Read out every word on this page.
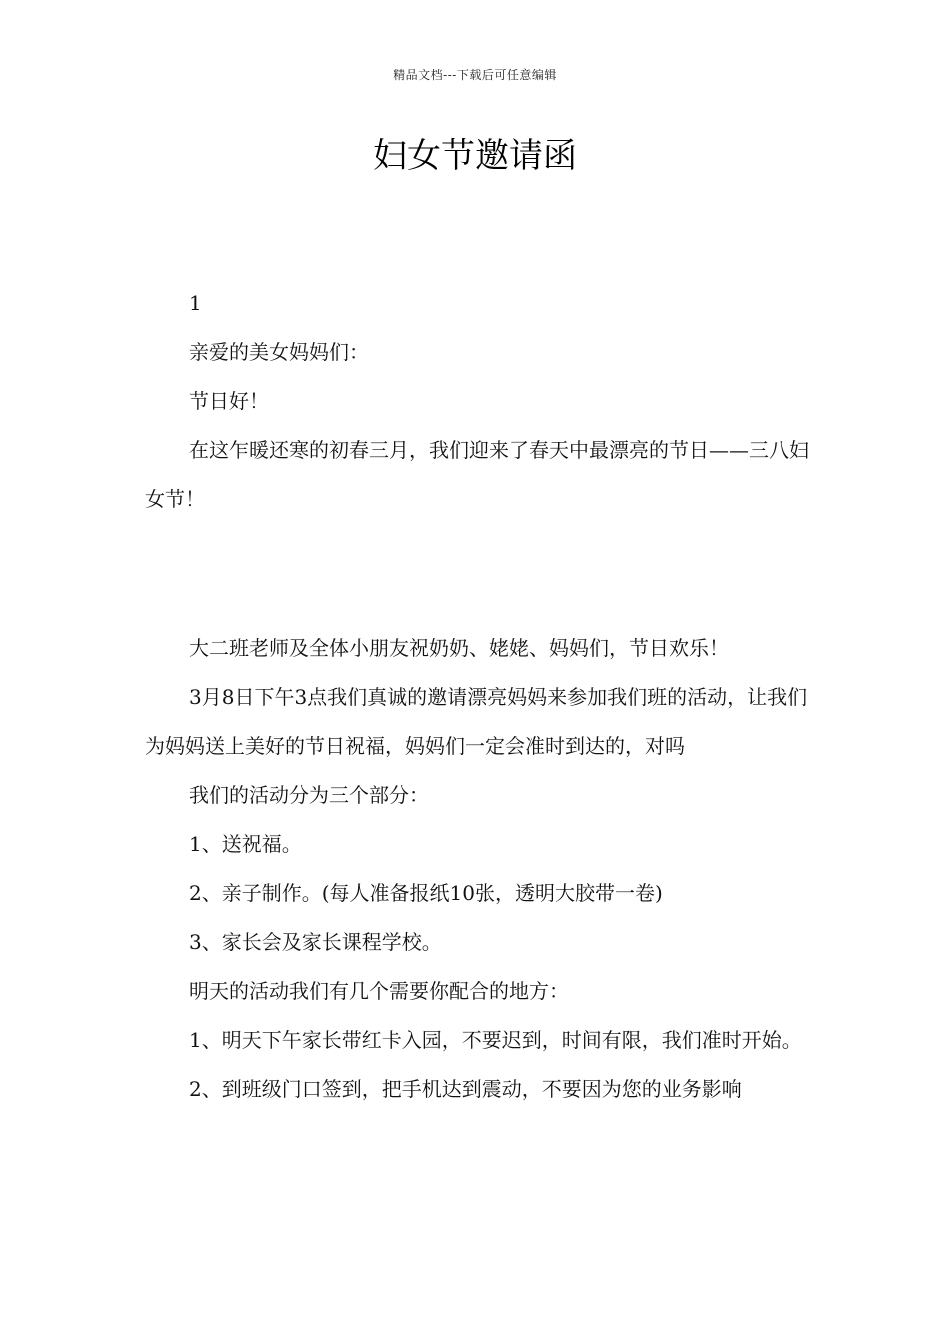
精品文档---下载后可任意编辑
妇女节邀请函

1

亲爱的美女妈妈们：

节日好！

在这乍暖还寒的初春三月，我们迎来了春天中最漂亮的节日——三八妇女节！

大二班老师及全体小朋友祝奶奶、姥姥、妈妈们，节日欢乐！

3月8日下午3点我们真诚的邀请漂亮妈妈来参加我们班的活动，让我们为妈妈送上美好的节日祝福，妈妈们一定会准时到达的，对吗

我们的活动分为三个部分：

1、送祝福。

2、亲子制作。(每人准备报纸10张，透明大胶带一卷)

3、家长会及家长课程学校。

明天的活动我们有几个需要你配合的地方：

1、明天下午家长带红卡入园，不要迟到，时间有限，我们准时开始。

2、到班级门口签到，把手机达到震动，不要因为您的业务影响
